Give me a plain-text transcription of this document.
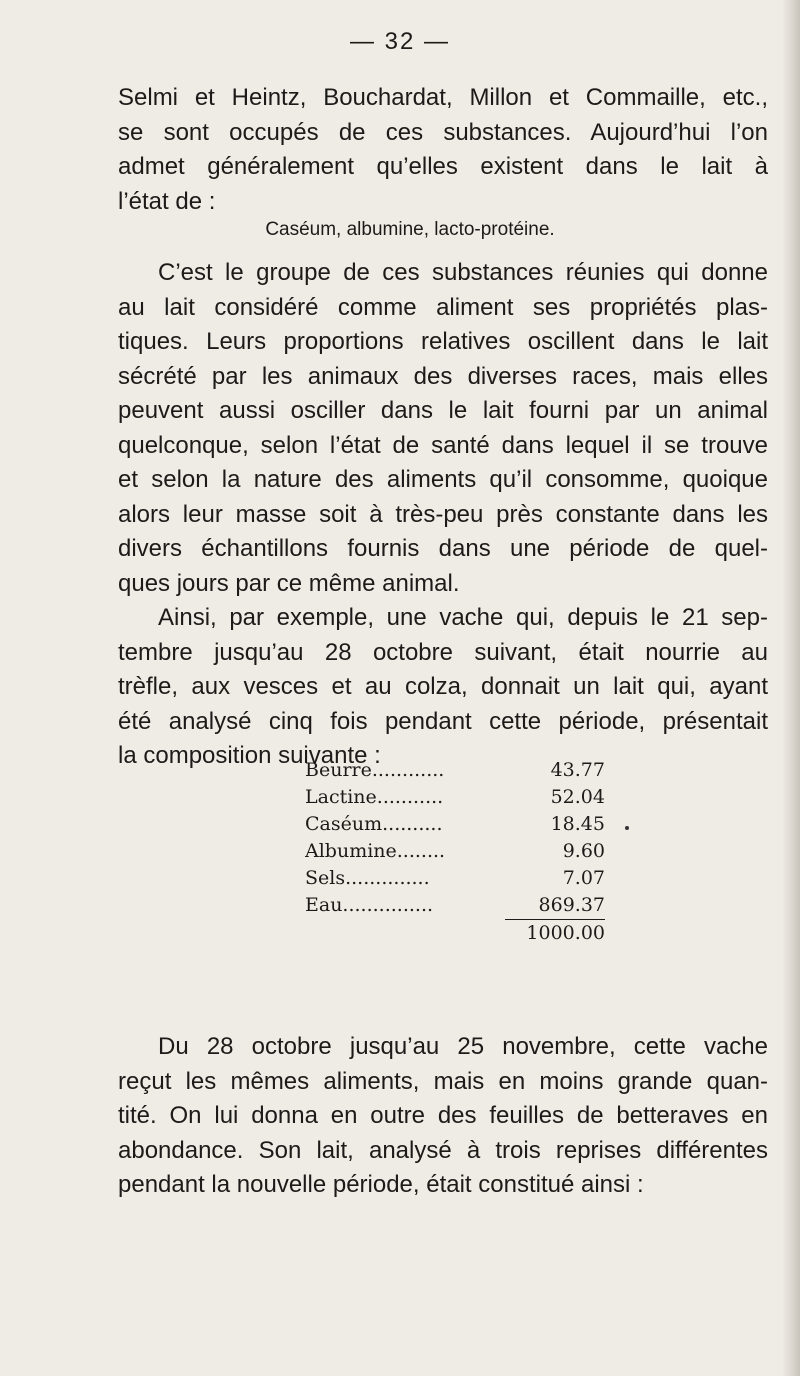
— 32 —

Selmi et Heintz, Bouchardat, Millon et Commaille, etc.,
se sont occupés de ces substances. Aujourd’hui l’on
admet généralement qu’elles existent dans le lait à
l’état de :

Caséum, albumine, lacto-protéine.

C’est le groupe de ces substances réunies qui donne
au lait considéré comme aliment ses propriétés plas-
tiques. Leurs proportions relatives oscillent dans le lait
sécrété par les animaux des diverses races, mais elles
peuvent aussi osciller dans le lait fourni par un animal
quelconque, selon l’état de santé dans lequel il se trouve
et selon la nature des aliments qu’il consomme, quoique
alors leur masse soit à très-peu près constante dans les
divers échantillons fournis dans une période de quel-
ques jours par ce même animal.

Ainsi, par exemple, une vache qui, depuis le 21 sep-
tembre jusqu’au 28 octobre suivant, était nourrie au
trèfle, aux vesces et au colza, donnait un lait qui, ayant
été analysé cinq fois pendant cette période, présentait
la composition suivante :

Beurre............	43.77
Lactine...........	52.04
Caséum..........	18.45
Albumine........	9.60
Sels..............	7.07
Eau...............	869.37
1000.00

Du 28 octobre jusqu’au 25 novembre, cette vache
reçut les mêmes aliments, mais en moins grande quan-
tité. On lui donna en outre des feuilles de betteraves en
abondance. Son lait, analysé à trois reprises différentes
pendant la nouvelle période, était constitué ainsi :
